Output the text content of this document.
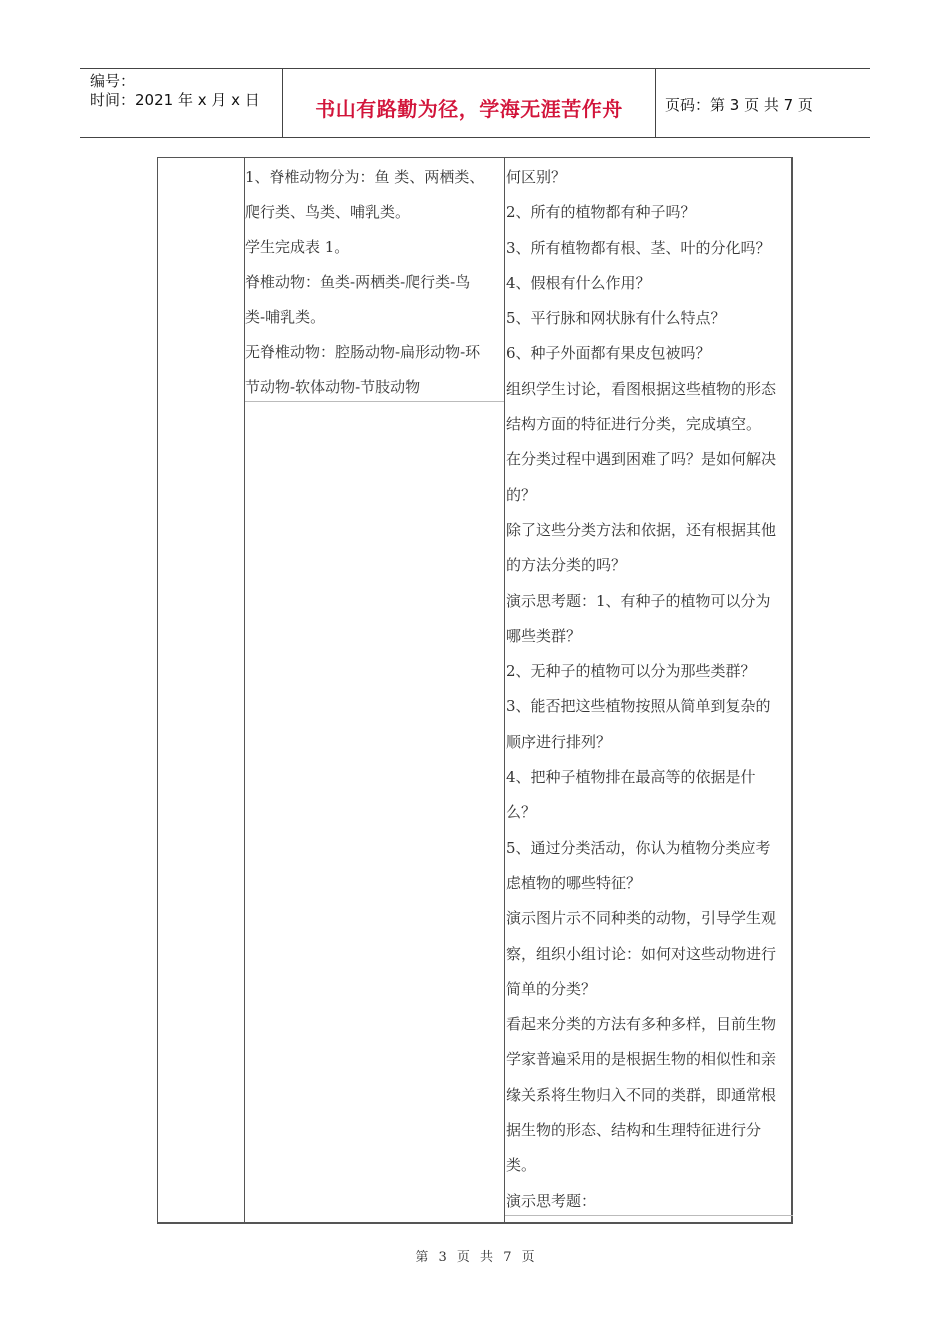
编号：
时间：2021 年 x 月 x 日	书山有路勤为径，学海无涯苦作舟	页码：第 3 页 共 7 页

1、脊椎动物分为：鱼 类、两栖类、

爬行类、鸟类、哺乳类。

学生完成表 1。

脊椎动物：鱼类-两栖类-爬行类-鸟

类-哺乳类。

无脊椎动物：腔肠动物-扁形动物-环

节动物-软体动物-节肢动物

何区别？

2、所有的植物都有种子吗？

3、所有植物都有根、茎、叶的分化吗？

4、假根有什么作用？

5、平行脉和网状脉有什么特点？

6、种子外面都有果皮包被吗？

组织学生讨论，看图根据这些植物的形态

结构方面的特征进行分类，完成填空。

在分类过程中遇到困难了吗？是如何解决

的？

除了这些分类方法和依据，还有根据其他

的方法分类的吗？

演示思考题：1、有种子的植物可以分为

哪些类群？

2、无种子的植物可以分为那些类群？

3、能否把这些植物按照从简单到复杂的

顺序进行排列？

4、把种子植物排在最高等的依据是什

么？

5、通过分类活动，你认为植物分类应考

虑植物的哪些特征？

演示图片示不同种类的动物，引导学生观

察，组织小组讨论：如何对这些动物进行

简单的分类？

看起来分类的方法有多种多样，目前生物

学家普遍采用的是根据生物的相似性和亲

缘关系将生物归入不同的类群，即通常根

据生物的形态、结构和生理特征进行分

类。

演示思考题：

第 3 页 共 7 页
